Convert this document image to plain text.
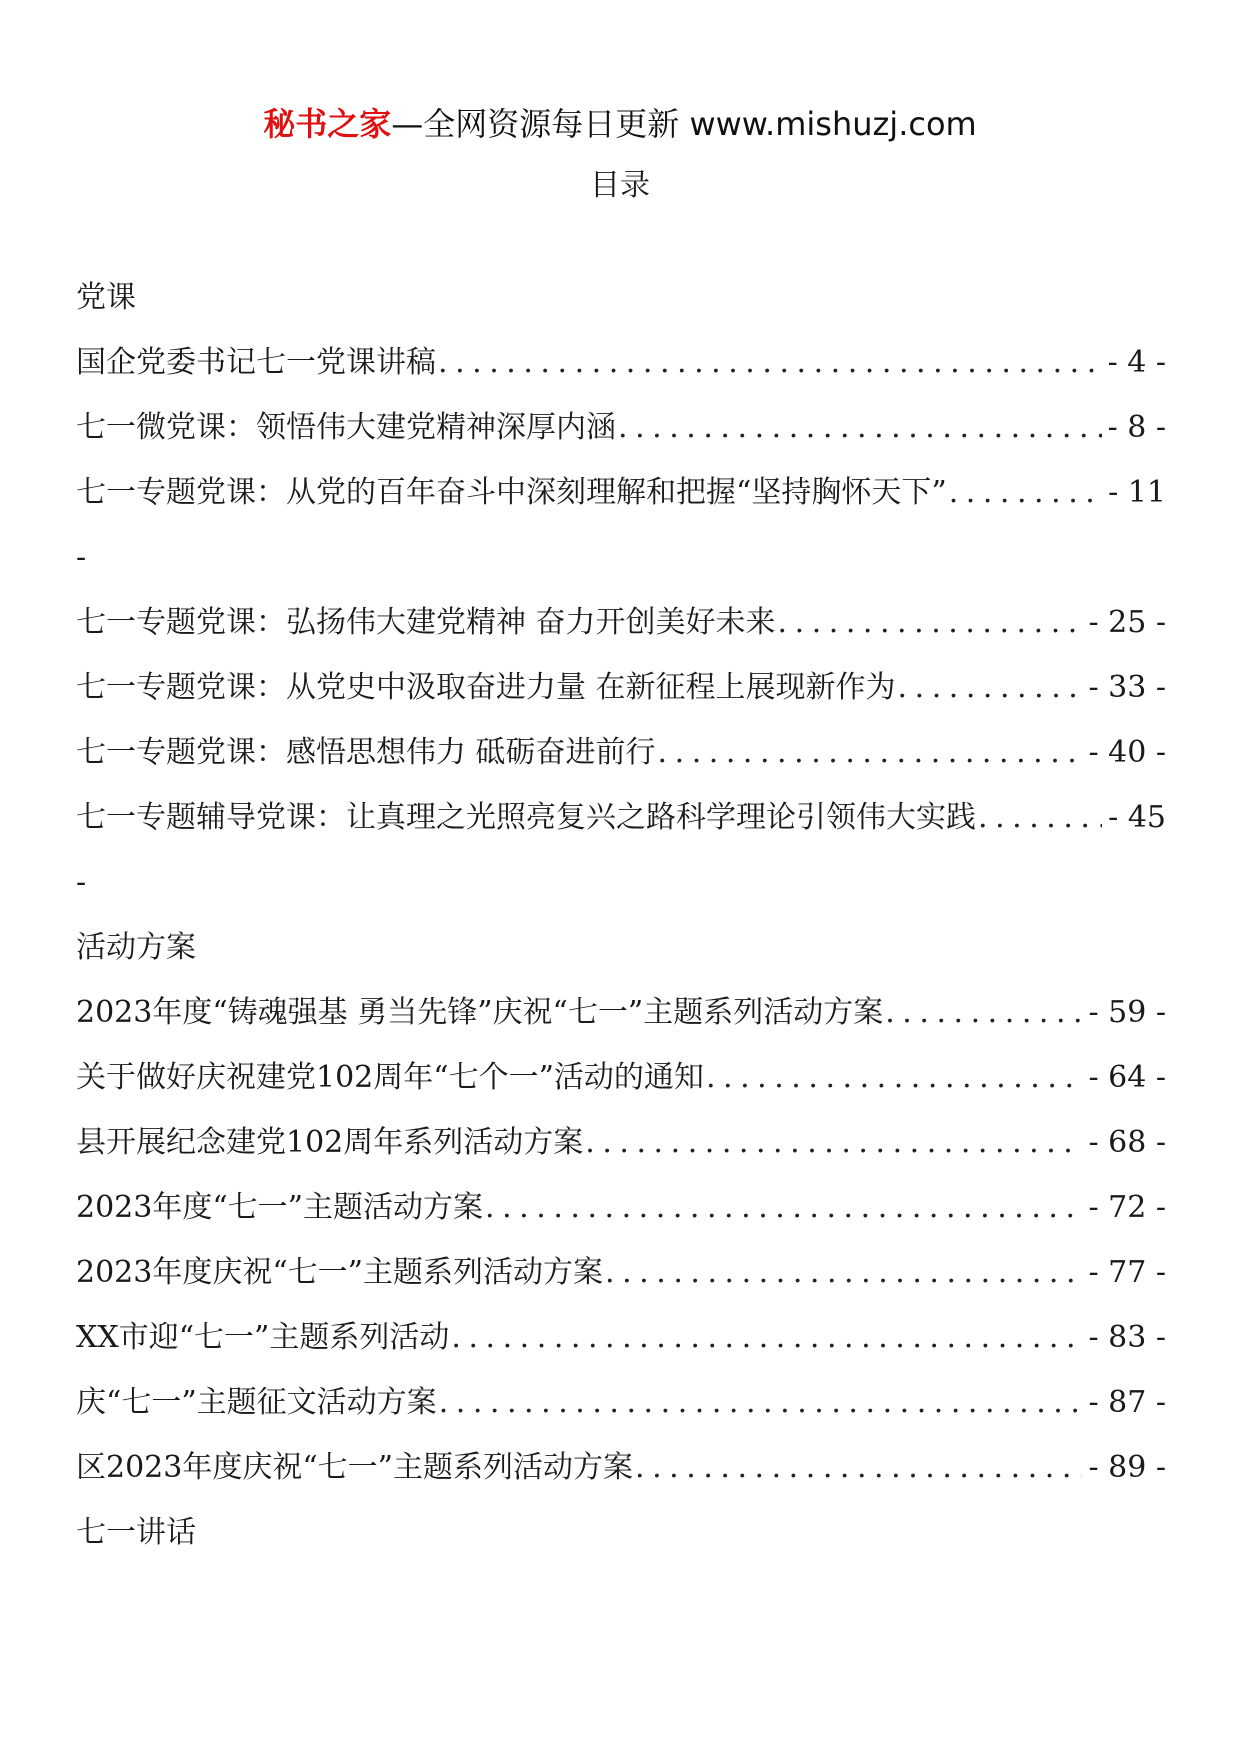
秘书之家—全网资源每日更新 www.mishuzj.com
目录
党课
国企党委书记七一党课讲稿 . . .	- 4 -
七一微党课：领悟伟大建党精神深厚内涵 . . .	- 8 -
七一专题党课：从党的百年奋斗中深刻理解和把握“坚持胸怀天下” . . .	- 11
-
七一专题党课：弘扬伟大建党精神 奋力开创美好未来 . . .	- 25 -
七一专题党课：从党史中汲取奋进力量 在新征程上展现新作为 . . .	- 33 -
七一专题党课：感悟思想伟力 砥砺奋进前行 . . .	- 40 -
七一专题辅导党课：让真理之光照亮复兴之路科学理论引领伟大实践 . . .	- 45
-
活动方案
2023年度“铸魂强基 勇当先锋”庆祝“七一”主题系列活动方案 . . .	- 59 -
关于做好庆祝建党102周年“七个一”活动的通知 . . .	- 64 -
县开展纪念建党102周年系列活动方案 . . .	- 68 -
2023年度“七一”主题活动方案 . . .	- 72 -
2023年度庆祝“七一”主题系列活动方案 . . .	- 77 -
XX市迎“七一”主题系列活动 . . .	- 83 -
庆“七一”主题征文活动方案 . . .	- 87 -
区2023年度庆祝“七一”主题系列活动方案 . . .	- 89 -
七一讲话
